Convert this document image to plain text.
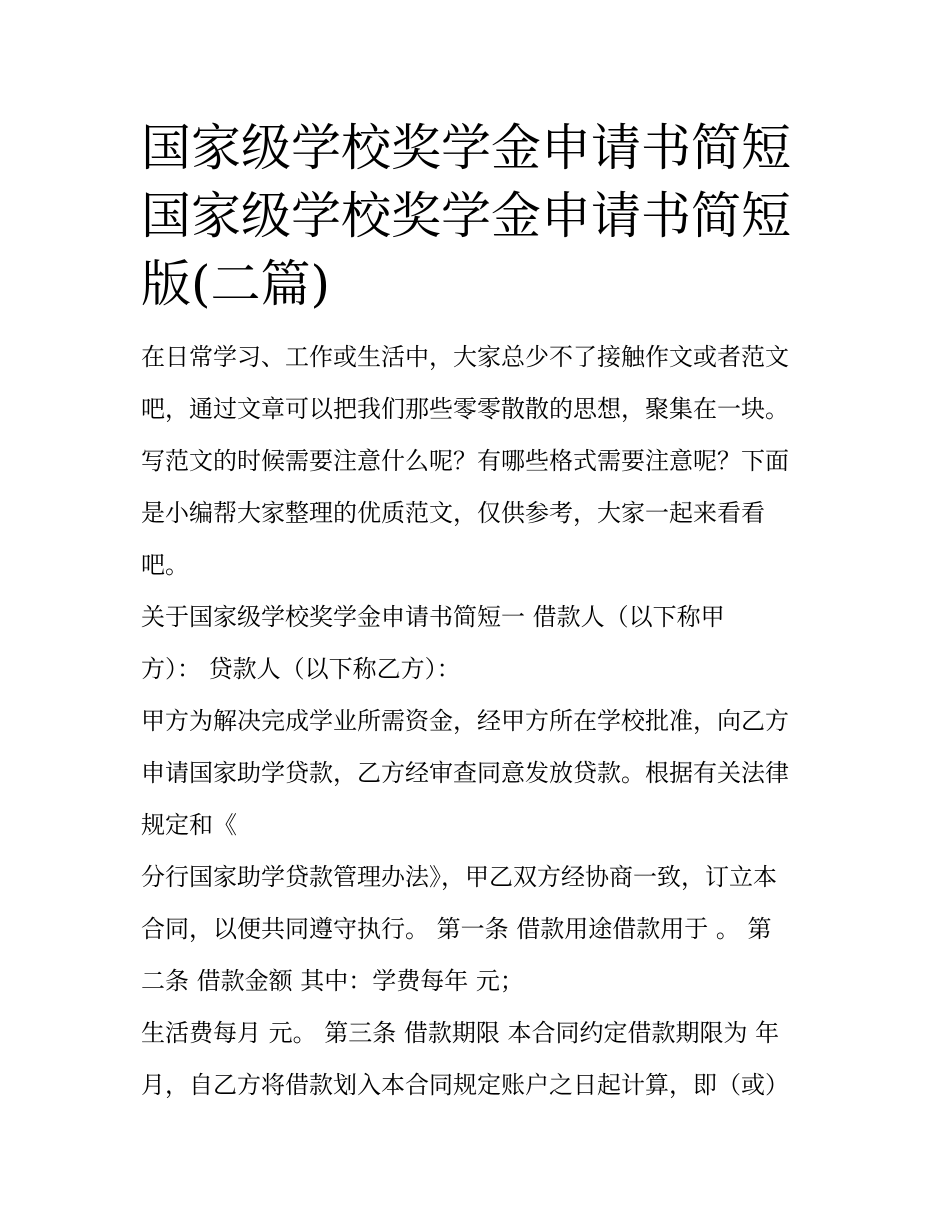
国家级学校奖学金申请书简短
国家级学校奖学金申请书简短
版(二篇)

在日常学习、工作或生活中，大家总少不了接触作文或者范文
吧，通过文章可以把我们那些零零散散的思想，聚集在一块。
写范文的时候需要注意什么呢？有哪些格式需要注意呢？下面
是小编帮大家整理的优质范文，仅供参考，大家一起来看看
吧。

关于国家级学校奖学金申请书简短一 借款人（以下称甲
方）： 贷款人（以下称乙方）：

甲方为解决完成学业所需资金，经甲方所在学校批准，向乙方
申请国家助学贷款，乙方经审查同意发放贷款。根据有关法律
规定和《

分行国家助学贷款管理办法》，甲乙双方经协商一致，订立本
合同，以便共同遵守执行。 第一条 借款用途借款用于 。 第
二条 借款金额 其中：学费每年 元；

生活费每月 元。 第三条 借款期限 本合同约定借款期限为 年
月，自乙方将借款划入本合同规定账户之日起计算，即（或）
